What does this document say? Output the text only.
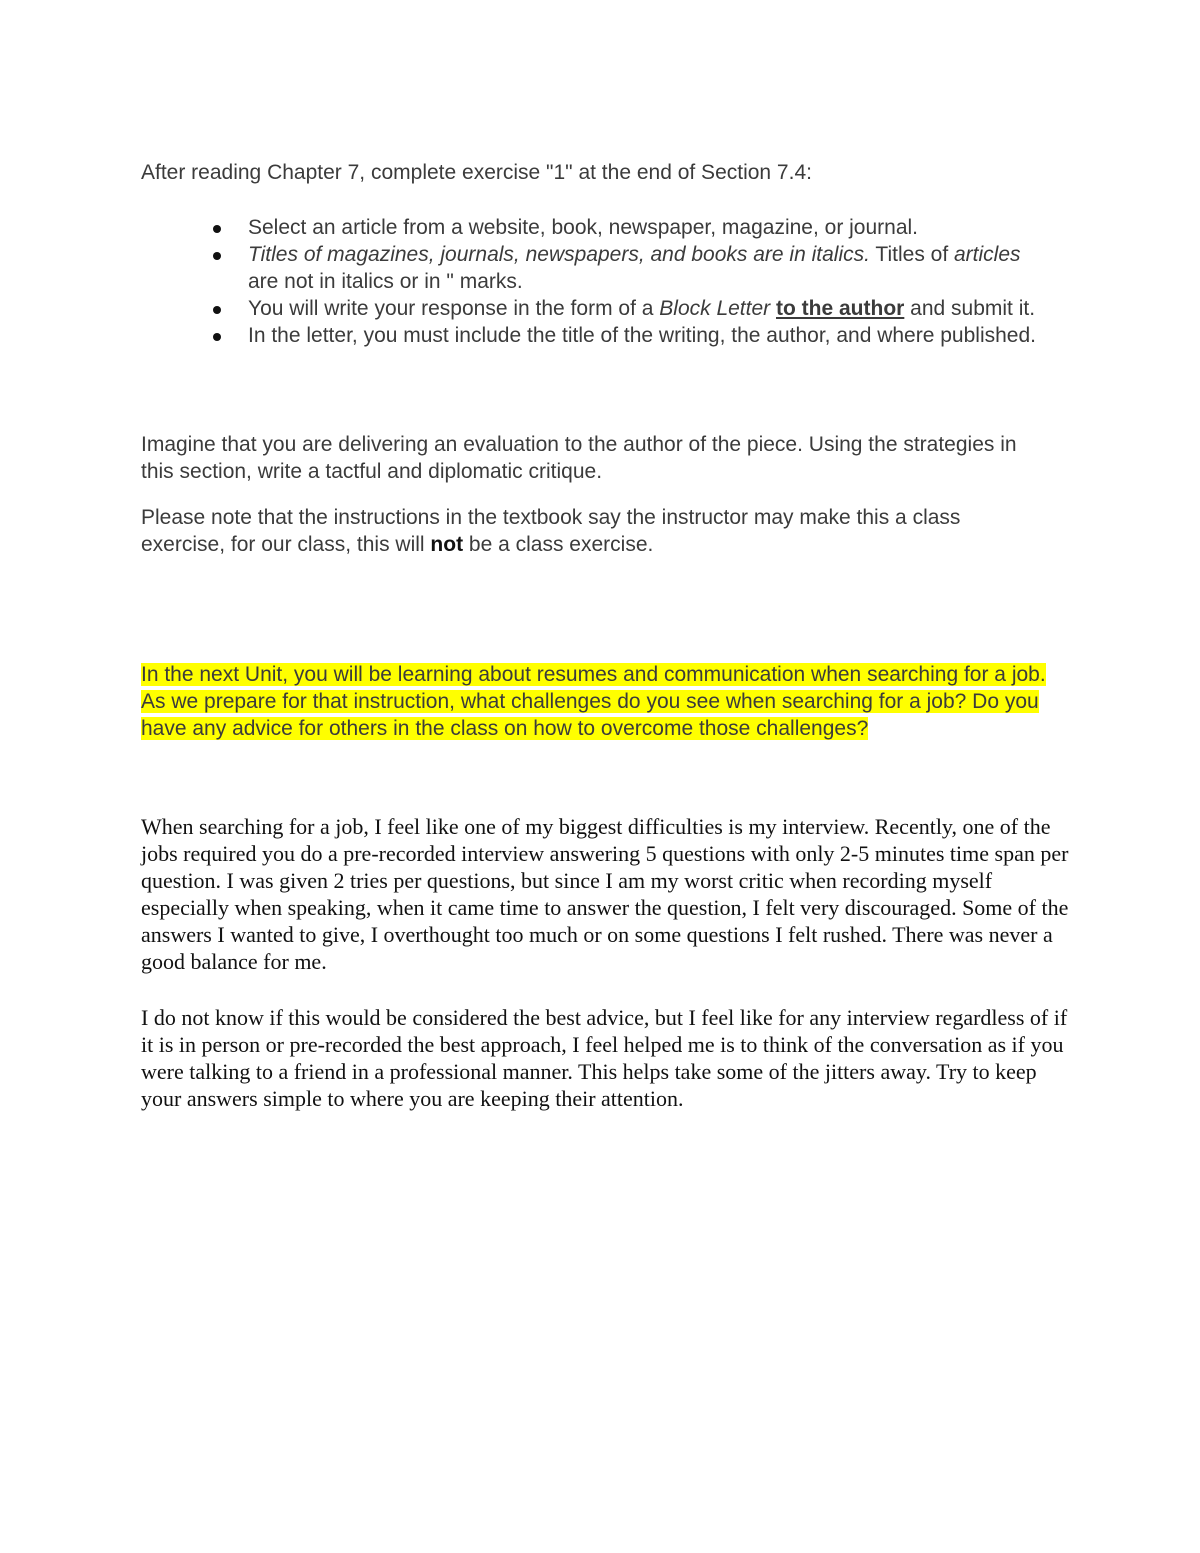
After reading Chapter 7, complete exercise "1" at the end of Section 7.4:

Select an article from a website, book, newspaper, magazine, or journal.
Titles of magazines, journals, newspapers, and books are in italics. Titles of articles are not in italics or in " marks.
You will write your response in the form of a Block Letter to the author and submit it.
In the letter, you must include the title of the writing, the author, and where published.

Imagine that you are delivering an evaluation to the author of the piece. Using the strategies in this section, write a tactful and diplomatic critique.

Please note that the instructions in the textbook say the instructor may make this a class exercise, for our class, this will not be a class exercise.

In the next Unit, you will be learning about resumes and communication when searching for a job. As we prepare for that instruction, what challenges do you see when searching for a job? Do you have any advice for others in the class on how to overcome those challenges?

When searching for a job, I feel like one of my biggest difficulties is my interview. Recently, one of the jobs required you do a pre-recorded interview answering 5 questions with only 2-5 minutes time span per question. I was given 2 tries per questions, but since I am my worst critic when recording myself especially when speaking, when it came time to answer the question, I felt very discouraged. Some of the answers I wanted to give, I overthought too much or on some questions I felt rushed. There was never a good balance for me.

I do not know if this would be considered the best advice, but I feel like for any interview regardless of if it is in person or pre-recorded the best approach, I feel helped me is to think of the conversation as if you were talking to a friend in a professional manner. This helps take some of the jitters away. Try to keep your answers simple to where you are keeping their attention.
